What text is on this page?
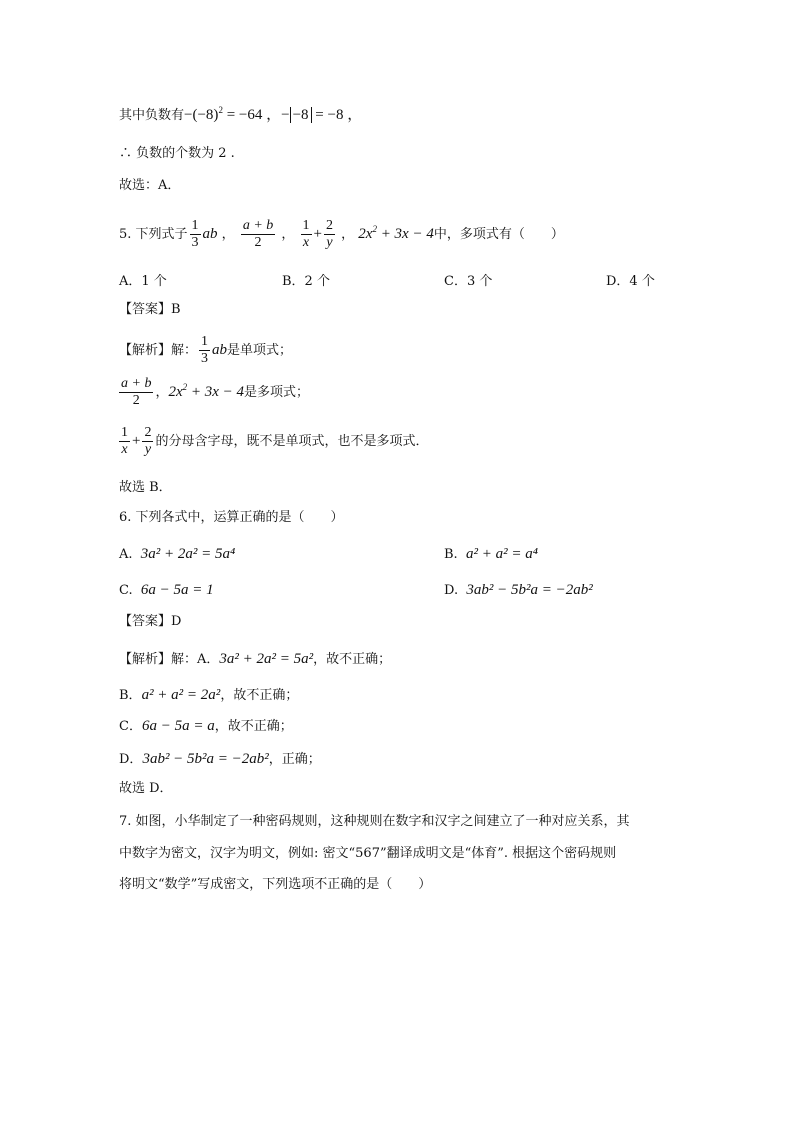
其中负数有$-(-8)^2 = -64$ ，− −8 = −8 ，
∴ 负数的个数为 2 .
故选：A．
5. 下列式子 $\frac{1}{3}$ ab ， $\frac{a + b}{2}$ ， $\frac{1}{x} + \frac{2}{y}$ ， $2x^2 + 3x - 4$中，多项式有（　　）
A．1 个	B．2 个	C．3 个	D．4 个
【答案】B
【解析】解： $\frac{1}{3}$ ab是单项式；
$\frac{a + b}{2}$ ，$2x^2 + 3x - 4$是多项式；
$\frac{1}{x} + \frac{2}{y}$ 的分母含字母，既不是单项式，也不是多项式．
故选 B．
6. 下列各式中，运算正确的是（　　）
A. 3a² + 2a² = 5a⁴	B. a² + a² = a⁴
C. 6a − 5a = 1	D. 3ab² − 5b²a = −2ab²
【答案】D
【解析】解：A．3a² + 2a² = 5a²，故不正确；
B．a² + a² = 2a²，故不正确；
C．6a − 5a = a，故不正确；
D．3ab² − 5b²a = −2ab²，正确；
故选 D．
7. 如图，小华制定了一种密码规则，这种规则在数字和汉字之间建立了一种对应关系，其
中数字为密文，汉字为明文，例如: 密文“567”翻译成明文是“体育”. 根据这个密码规则
将明文“数学”写成密文，下列选项不正确的是（　　）
